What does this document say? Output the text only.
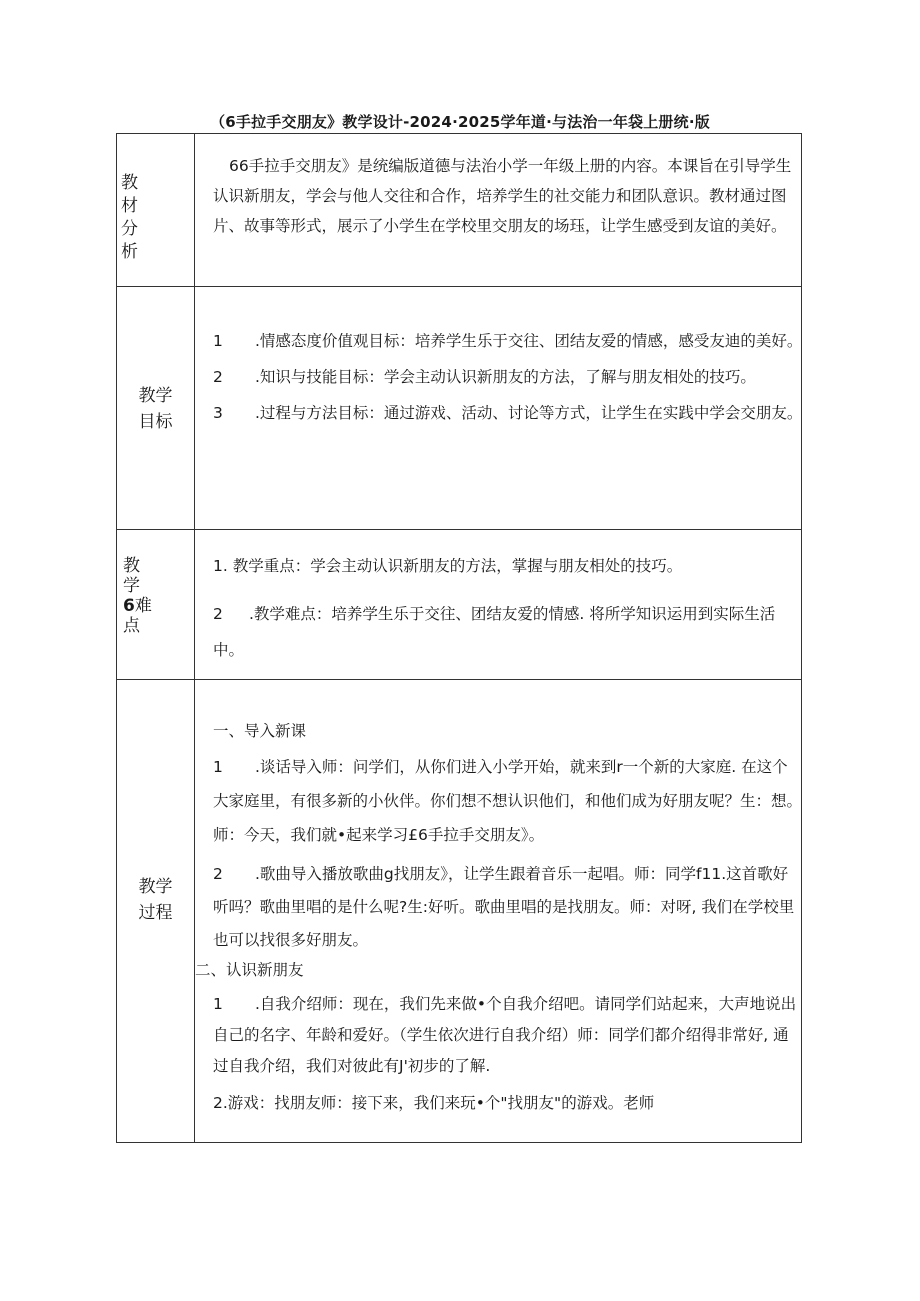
（6手拉手交朋友》教学设计-2024·2025学年道·与法治一年袋上册统·版
教
材
分
析

66手拉手交朋友》是统编版道德与法治小学一年级上册的内容。本课旨在引导学生认识新朋友，学会与他人交往和合作，培养学生的社交能力和团队意识。教材通过图片、故事等形式，展示了小学生在学校里交朋友的场珏，让学生感受到友谊的美好。

教学
目标

1 .情感态度价值观目标：培养学生乐于交往、团结友爱的情感，感受友迪的美好。

2 .知识与技能目标：学会主动认识新朋友的方法，了解与朋友相处的技巧。

3 .过程与方法目标：通过游戏、活动、讨论等方式，让学生在实践中学会交朋友。

教
学
6难
点

1. 教学重点：学会主动认识新朋友的方法，掌握与朋友相处的技巧。

2 .教学难点：培养学生乐于交往、团结友爱的情感. 将所学知识运用到实际生活中。

教学
过程

一、导入新课

1 .谈话导入师：问学们，从你们进入小学开始，就来到r一个新的大家庭. 在这个大家庭里，有很多新的小伙伴。你们想不想认识他们，和他们成为好朋友呢？生：想。师：今天，我们就•起来学习£6手拉手交朋友》。

2 .歌曲导入播放歌曲g找朋友》，让学生跟着音乐一起唱。师：同学f11.这首歌好听吗？歌曲里唱的是什么呢?生:好听。歌曲里唱的是找朋友。师：对呀, 我们在学校里也可以找很多好朋友。

二、认识新朋友

1 .自我介绍师：现在，我们先来做•个自我介绍吧。请同学们站起来，大声地说出自己的名字、年龄和爱好。（学生依次进行自我介绍）师：同学们都介绍得非常好, 通过自我介绍，我们对彼此有J'初步的了解.

2.游戏：找朋友师：接下来，我们来玩•个"找朋友"的游戏。老师
